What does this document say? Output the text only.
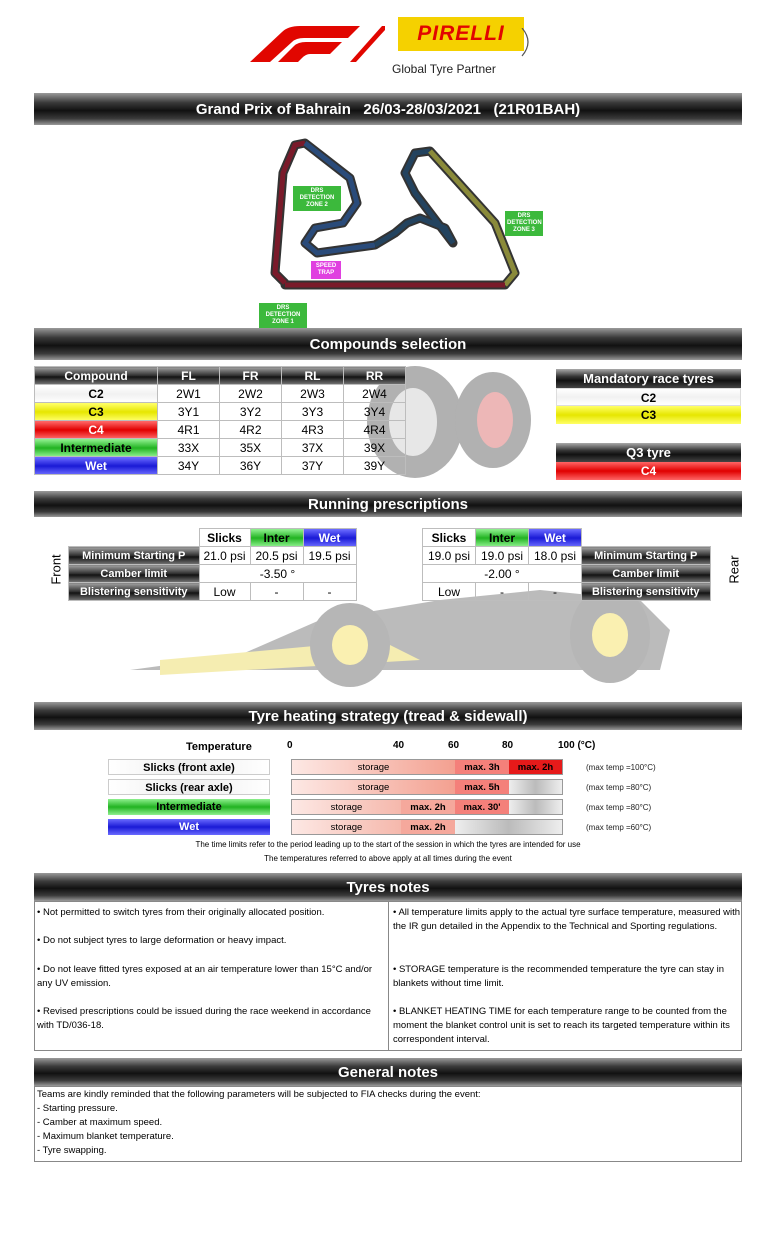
PIRELLI
Global Tyre Partner
Grand Prix of Bahrain   26/03-28/03/2021   (21R01BAH)
DRS DETECTION ZONE 2
DRS DETECTION ZONE 3
DRS DETECTION ZONE 1
SPEED TRAP
Compounds selection
Compound	FL	FR	RL	RR
C2	2W1	2W2	2W3	2W4
C3	3Y1	3Y2	3Y3	3Y4
C4	4R1	4R2	4R3	4R4
Intermediate	33X	35X	37X	39X
Wet	34Y	36Y	37Y	39Y
Mandatory race tyres
C2
C3
Q3 tyre
C4
Running prescriptions
Front	Rear
	Slicks	Inter	Wet
Minimum Starting P	21.0 psi	20.5 psi	19.5 psi
Camber limit	-3.50 °		
Blistering sensitivity	Low	-	-
Slicks	Inter	Wet	
19.0 psi	19.0 psi	18.0 psi	Minimum Starting P
-2.00 °			Camber limit
Low	-	-	Blistering sensitivity
Tyre heating strategy (tread & sidewall)
Temperature	0	40	60	80	100 (°C)
Slicks (front axle)	storage	max. 3h	max. 2h	(max temp =100°C)
Slicks (rear axle)	storage	max. 5h	(max temp =80°C)
Intermediate	storage	max. 2h	max. 30'	(max temp =80°C)
Wet	storage	max. 2h	(max temp =60°C)
The time limits refer to the period leading up to the start of the session in which the tyres are intended for use
The temperatures referred to above apply at all times during the event
Tyres notes
• Not permitted to switch tyres from their originally allocated position.
• Do not subject tyres to large deformation or heavy impact.
• Do not leave fitted tyres exposed at an air temperature lower than 15°C and/or any UV emission.
• Revised prescriptions could be issued during the race weekend in accordance with TD/036-18.
• All temperature limits apply to the actual tyre surface temperature, measured with the IR gun detailed in the Appendix to the Technical and Sporting regulations.
• STORAGE temperature is the recommended temperature the tyre can stay in blankets without time limit.
• BLANKET HEATING TIME for each temperature range to be counted from the moment the blanket control unit is set to reach its targeted temperature within its correspondent interval.
General notes
Teams are kindly reminded that the following parameters will be subjected to FIA checks during the event:
- Starting pressure.
- Camber at maximum speed.
- Maximum blanket temperature.
- Tyre swapping.
